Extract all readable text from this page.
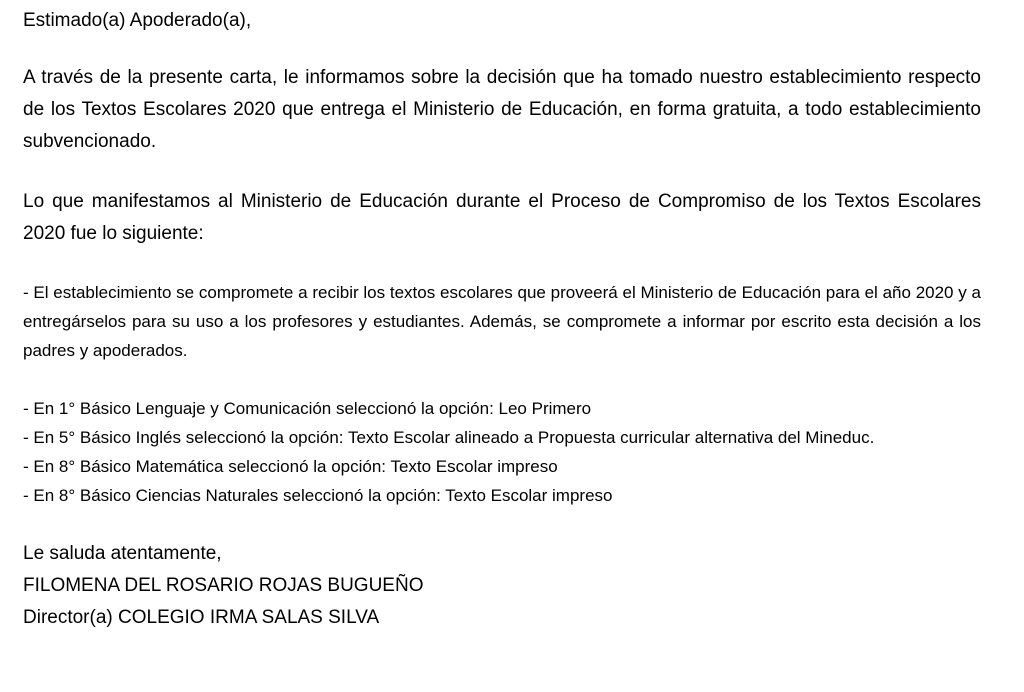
Estimado(a) Apoderado(a),

A través de la presente carta, le informamos sobre la decisión que ha tomado nuestro establecimiento respecto de los Textos Escolares 2020 que entrega el Ministerio de Educación, en forma gratuita, a todo establecimiento subvencionado.

Lo que manifestamos al Ministerio de Educación durante el Proceso de Compromiso de los Textos Escolares 2020 fue lo siguiente:

- El establecimiento se compromete a recibir los textos escolares que proveerá el Ministerio de Educación para el año 2020 y a entregárselos para su uso a los profesores y estudiantes. Además, se compromete a informar por escrito esta decisión a los padres y apoderados.

- En 1° Básico Lenguaje y Comunicación seleccionó la opción: Leo Primero
- En 5° Básico Inglés seleccionó la opción: Texto Escolar alineado a Propuesta curricular alternativa del Mineduc.
- En 8° Básico Matemática seleccionó la opción: Texto Escolar impreso
- En 8° Básico Ciencias Naturales seleccionó la opción: Texto Escolar impreso

Le saluda atentamente,

FILOMENA DEL ROSARIO ROJAS BUGUEÑO

Director(a) COLEGIO IRMA SALAS SILVA
